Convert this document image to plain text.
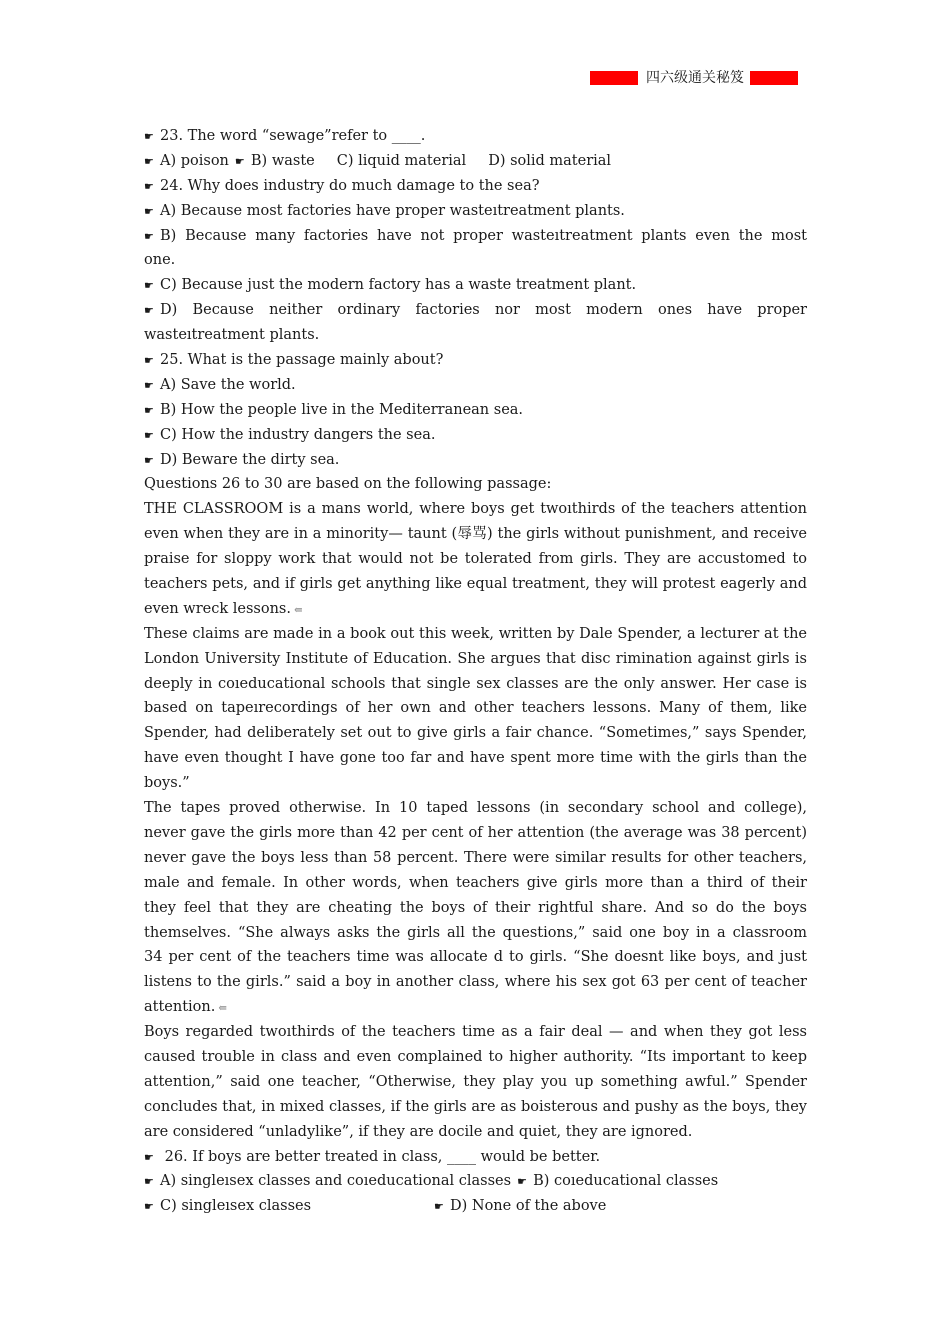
四六级通关秘笈
☛ 23. The word “sewage”refer to ____.
☛ A) poison ☛ B) waste C) liquid material D) solid material
☛ 24. Why does industry do much damage to the sea?
☛ A) Because most factories have proper wasteıtreatment plants.
☛ B) Because many factories have not proper wasteıtreatment plants even the most
one.
☛ C) Because just the modern factory has a waste treatment plant.
☛ D) Because neither ordinary factories nor most modern ones have proper
wasteıtreatment plants.
☛ 25. What is the passage mainly about?
☛ A) Save the world.
☛ B) How the people live in the Mediterranean sea.
☛ C) How the industry dangers the sea.
☛ D) Beware the dirty sea.
Questions 26 to 30 are based on the following passage:
THE CLASSROOM is a mans world, where boys get twoıthirds of the teachers attention
even when they are in a minority— taunt (辱骂) the girls without punishment, and receive
praise for sloppy work that would not be tolerated from girls. They are accustomed to
teachers pets, and if girls get anything like equal treatment, they will protest eagerly and
even wreck lessons. ⇚
These claims are made in a book out this week, written by Dale Spender, a lecturer at the
London University Institute of Education. She argues that disc rimination against girls is
deeply in coıeducational schools that single sex classes are the only answer. Her case is
based on tapeırecordings of her own and other teachers lessons. Many of them, like
Spender, had deliberately set out to give girls a fair chance. “Sometimes,” says Spender,
have even thought I have gone too far and have spent more time with the girls than the
boys.”
The tapes proved otherwise. In 10 taped lessons (in secondary school and college),
never gave the girls more than 42 per cent of her attention (the average was 38 percent)
never gave the boys less than 58 percent. There were similar results for other teachers,
male and female. In other words, when teachers give girls more than a third of their
they feel that they are cheating the boys of their rightful share. And so do the boys
themselves. “She always asks the girls all the questions,” said one boy in a classroom
34 per cent of the teachers time was allocate d to girls. “She doesnt like boys, and just
listens to the girls.” said a boy in another class, where his sex got 63 per cent of teacher
attention. ⇚
Boys regarded twoıthirds of the teachers time as a fair deal — and when they got less
caused trouble in class and even complained to higher authority. “Its important to keep
attention,” said one teacher, “Otherwise, they play you up something awful.” Spender
concludes that, in mixed classes, if the girls are as boisterous and pushy as the boys, they
are considered “unladylike”, if they are docile and quiet, they are ignored.
☛ 26. If boys are better treated in class, ____ would be better.
☛ A) singleısex classes and coıeducational classes ☛ B) coıeducational classes
☛ C) singleısex classes	☛ D) None of the above
